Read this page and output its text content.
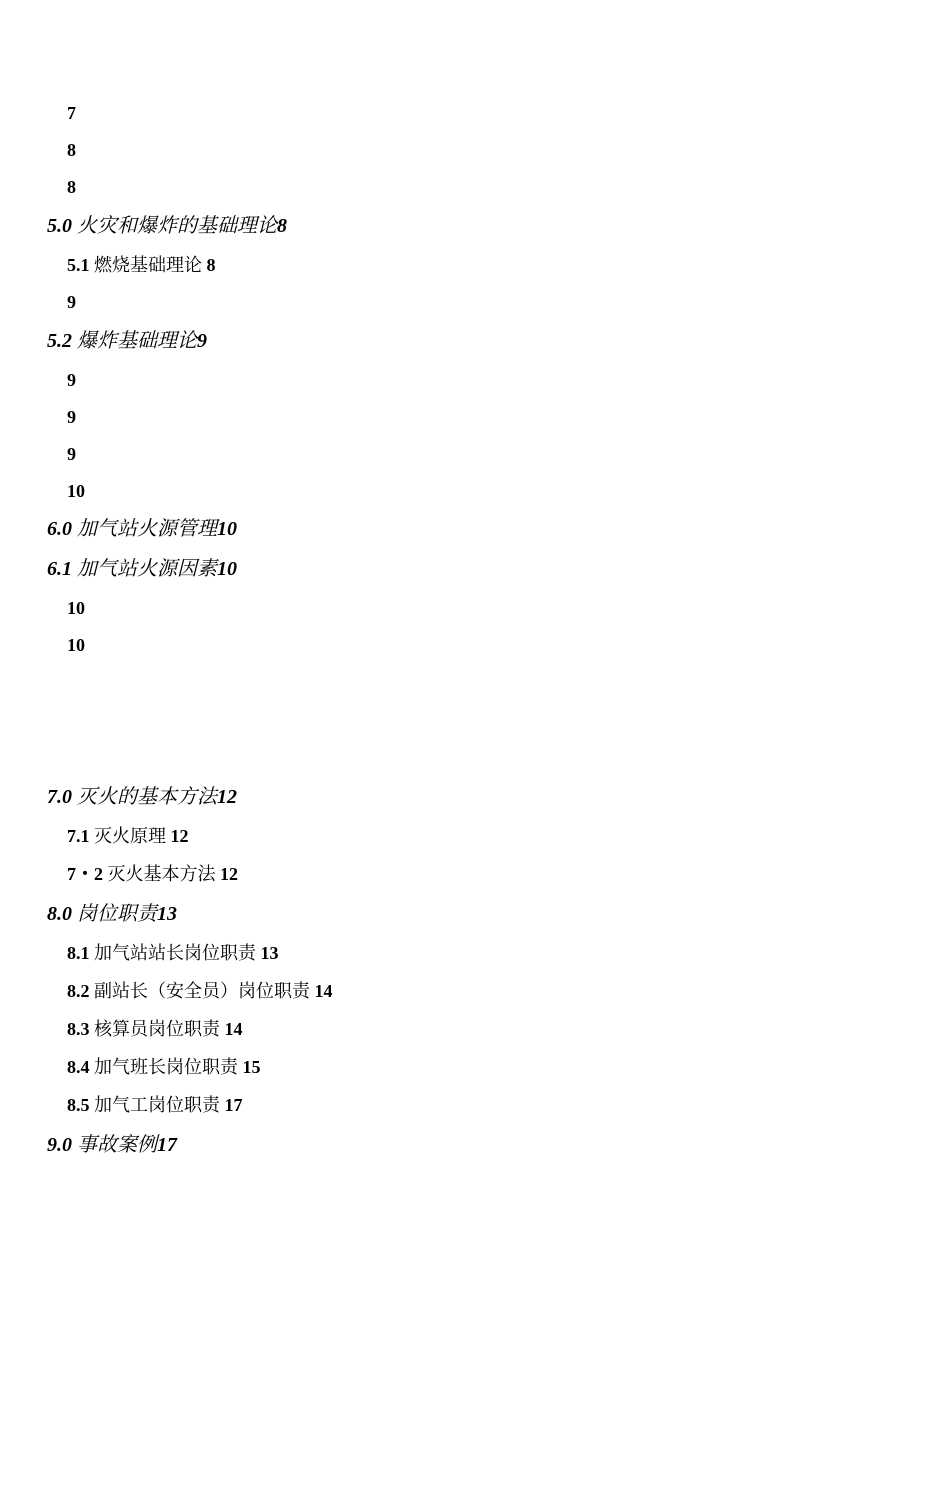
7
8
8
5.0 火灾和爆炸的基础理论8
5.1 燃烧基础理论 8
9
5.2 爆炸基础理论9
9
9
9
10
6.0 加气站火源管理10
6.1 加气站火源因素10
10
10
7.0 灭火的基本方法12
7.1 灭火原理 12
7・2 灭火基本方法 12
8.0 岗位职责13
8.1 加气站站长岗位职责 13
8.2 副站长（安全员）岗位职责 14
8.3 核算员岗位职责 14
8.4 加气班长岗位职责 15
8.5 加气工岗位职责 17
9.0 事故案例17
